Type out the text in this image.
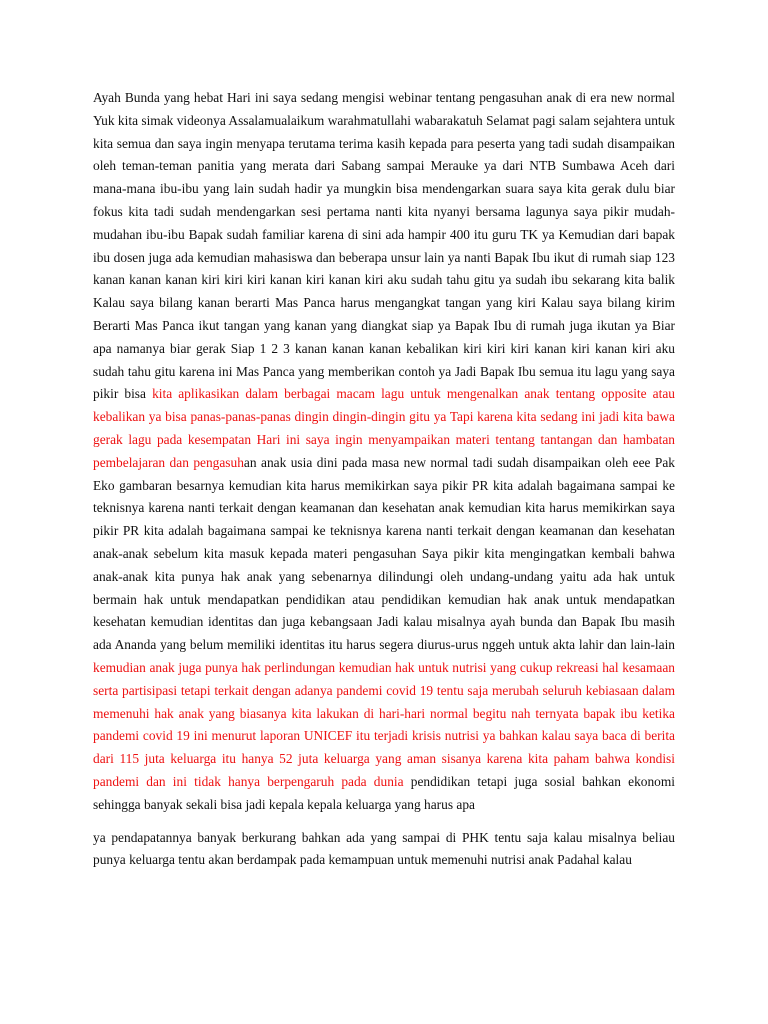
Ayah Bunda yang hebat Hari ini saya sedang mengisi webinar tentang pengasuhan anak di era new normal Yuk kita simak videonya Assalamualaikum warahmatullahi wabarakatuh Selamat pagi salam sejahtera untuk kita semua dan saya ingin menyapa terutama terima kasih kepada para peserta yang tadi sudah disampaikan oleh teman-teman panitia yang merata dari Sabang sampai Merauke ya dari NTB Sumbawa Aceh dari mana-mana ibu-ibu yang lain sudah hadir ya mungkin bisa mendengarkan suara saya kita gerak dulu biar fokus kita tadi sudah mendengarkan sesi pertama nanti kita nyanyi bersama lagunya saya pikir mudah-mudahan ibu-ibu Bapak sudah familiar karena di sini ada hampir 400 itu guru TK ya Kemudian dari bapak ibu dosen juga ada kemudian mahasiswa dan beberapa unsur lain ya nanti Bapak Ibu ikut di rumah siap 123 kanan kanan kanan kiri kiri kiri kanan kiri kanan kiri aku sudah tahu gitu ya sudah ibu sekarang kita balik Kalau saya bilang kanan berarti Mas Panca harus mengangkat tangan yang kiri Kalau saya bilang kirim Berarti Mas Panca ikut tangan yang kanan yang diangkat siap ya Bapak Ibu di rumah juga ikutan ya Biar apa namanya biar gerak Siap 1 2 3 kanan kanan kanan kebalikan kiri kiri kiri kanan kiri kanan kiri aku sudah tahu gitu karena ini Mas Panca yang memberikan contoh ya Jadi Bapak Ibu semua itu lagu yang saya pikir bisa kita aplikasikan dalam berbagai macam lagu untuk mengenalkan anak tentang opposite atau kebalikan ya bisa panas-panas-panas dingin dingin-dingin gitu ya Tapi karena kita sedang ini jadi kita bawa gerak lagu pada kesempatan Hari ini saya ingin menyampaikan materi tentang tantangan dan hambatan pembelajaran dan pengasuhan anak usia dini pada masa new normal tadi sudah disampaikan oleh eee Pak Eko gambaran besarnya kemudian kita harus memikirkan saya pikir PR kita adalah bagaimana sampai ke teknisnya karena nanti terkait dengan keamanan dan kesehatan anak kemudian kita harus memikirkan saya pikir PR kita adalah bagaimana sampai ke teknisnya karena nanti terkait dengan keamanan dan kesehatan anak-anak sebelum kita masuk kepada materi pengasuhan Saya pikir kita mengingatkan kembali bahwa anak-anak kita punya hak anak yang sebenarnya dilindungi oleh undang-undang yaitu ada hak untuk bermain hak untuk mendapatkan pendidikan atau pendidikan kemudian hak anak untuk mendapatkan kesehatan kemudian identitas dan juga kebangsaan Jadi kalau misalnya ayah bunda dan Bapak Ibu masih ada Ananda yang belum memiliki identitas itu harus segera diurus-urus nggeh untuk akta lahir dan lain-lain kemudian anak juga punya hak perlindungan kemudian hak untuk nutrisi yang cukup rekreasi hal kesamaan serta partisipasi tetapi terkait dengan adanya pandemi covid 19 tentu saja merubah seluruh kebiasaan dalam memenuhi hak anak yang biasanya kita lakukan di hari-hari normal begitu nah ternyata bapak ibu ketika pandemi covid 19 ini menurut laporan UNICEF itu terjadi krisis nutrisi ya bahkan kalau saya baca di berita dari 115 juta keluarga itu hanya 52 juta keluarga yang aman sisanya karena kita paham bahwa kondisi pandemi dan ini tidak hanya berpengaruh pada dunia pendidikan tetapi juga sosial bahkan ekonomi sehingga banyak sekali bisa jadi kepala kepala keluarga yang harus apa

ya pendapatannya banyak berkurang bahkan ada yang sampai di PHK tentu saja kalau misalnya beliau punya keluarga tentu akan berdampak pada kemampuan untuk memenuhi nutrisi anak Padahal kalau
